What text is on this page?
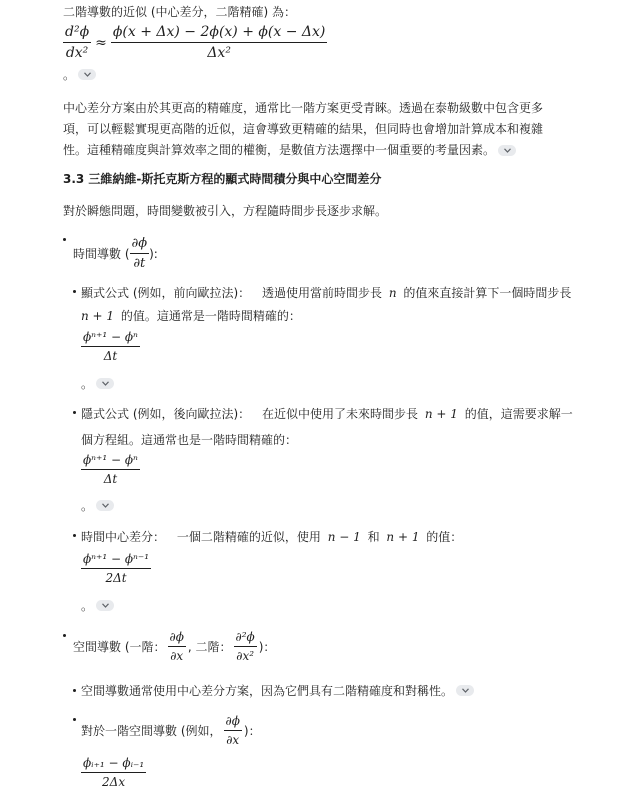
二階導數的近似 (中心差分，二階精確) 為：
$\frac{\text{d²ϕ}}{\text{dx²}} \approx \frac{\phi(x + \Delta x) - 2\phi(x) + \phi(x - \Delta x)}{\text{Δx²}}$
。
中心差分方案由於其更高的精確度，通常比一階方案更受青睞。透過在泰勒級數中包含更多
項，可以輕鬆實現更高階的近似，這會導致更精確的結果，但同時也會增加計算成本和複雜
性。這種精確度與計算效率之間的權衡，是數值方法選擇中一個重要的考量因素。
3.3 三維納維-斯托克斯方程的顯式時間積分與中心空間差分
對於瞬態問題，時間變數被引入，方程隨時間步長逐步求解。
時間導數 ( $\frac{\partial\phi}{\partial t}$ ):
顯式公式 (例如，前向歐拉法)： 透過使用當前時間步長 n 的值來直接計算下一個時間步長
n + 1 的值。這通常是一階時間精確的：
$\frac{\text{ϕⁿ⁺¹ − ϕⁿ}}{\Delta t}$
。
隱式公式 (例如，後向歐拉法)： 在近似中使用了未來時間步長 n + 1 的值，這需要求解一
個方程組。這通常也是一階時間精確的：
$\frac{\text{ϕⁿ⁺¹ − ϕⁿ}}{\Delta t}$
。
時間中心差分： 一個二階精確的近似，使用 n − 1 和 n + 1 的值：
$\frac{\text{ϕⁿ⁺¹ − ϕⁿ⁻¹}}{2\Delta t}$
。
空間導數 (一階： $\frac{\partial\phi}{\partial x}$ , 二階： $\frac{\text{∂²ϕ}}{\text{∂x²}}$ )：
空間導數通常使用中心差分方案，因為它們具有二階精確度和對稱性。
對於一階空間導數 (例如， $\frac{\partial\phi}{\partial x}$ )：
$\frac{\text{ϕᵢ₊₁ − ϕᵢ₋₁}}{2\Delta x}$
